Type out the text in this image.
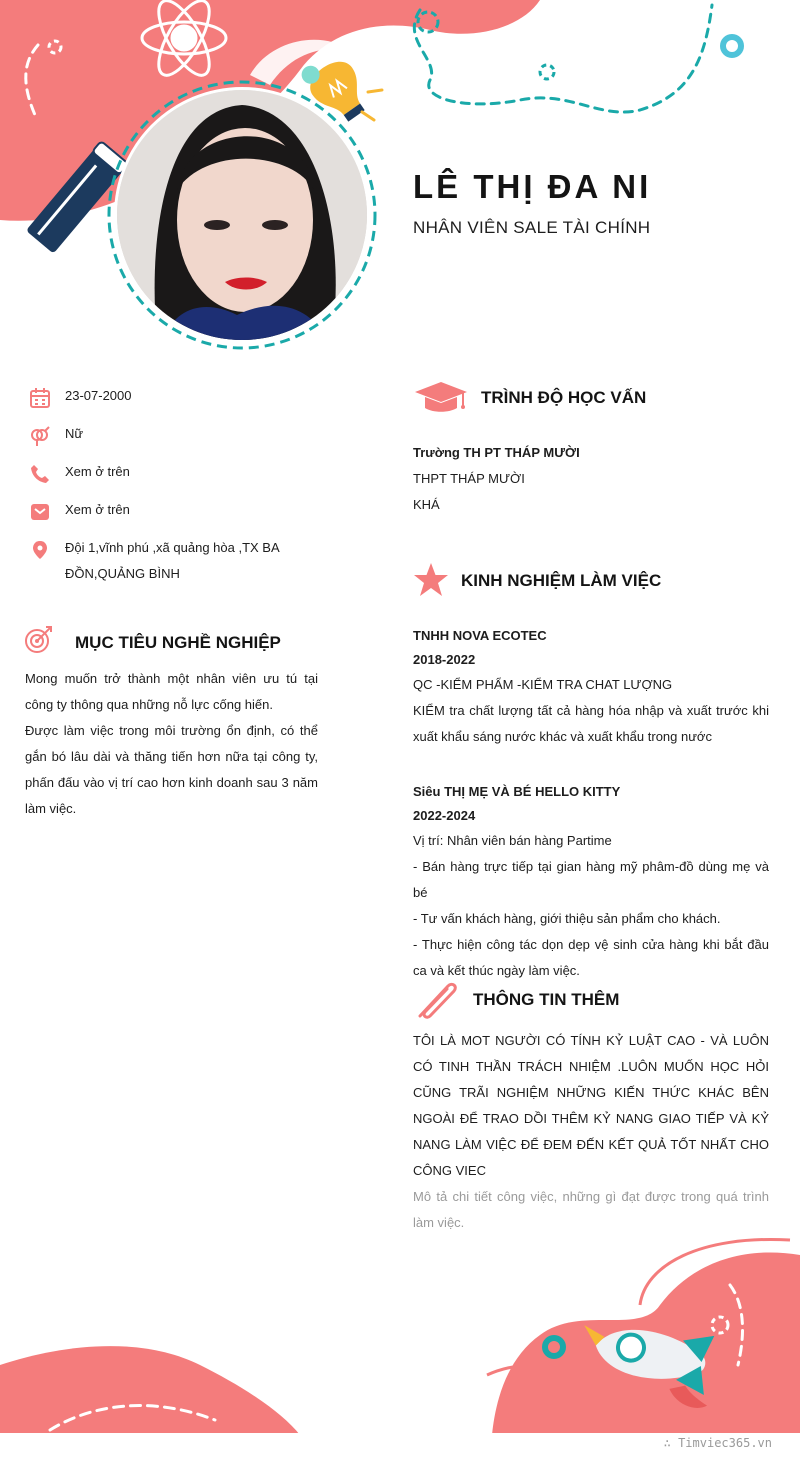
LÊ THỊ ĐA NI
NHÂN VIÊN SALE TÀI CHÍNH
23-07-2000
Nữ
Xem ở trên
Xem ở trên
Đội 1,vĩnh phú ,xã quảng hòa ,TX BA ĐỒN,QUẢNG BÌNH
MỤC TIÊU NGHỀ NGHIỆP
Mong muốn trở thành một nhân viên ưu tú tại công ty thông qua những nỗ lực cống hiến.
Được làm việc trong môi trường ổn định, có thể gắn bó lâu dài và thăng tiến hơn nữa tại công ty, phấn đấu vào vị trí cao hơn kinh doanh sau 3 năm làm việc.
TRÌNH ĐỘ HỌC VẤN
Trường TH PT THÁP MƯỜI
THPT THÁP MƯỜI
KHÁ
KINH NGHIỆM LÀM VIỆC
TNHH NOVA ECOTEC
2018-2022
QC -KIỂM PHẨM -KIỂM TRA CHAT LƯỢNG
KIỂM tra chất lượng tất cả hàng hóa nhập và xuất trước khi xuất khẩu sáng nước khác và xuất khẩu trong nước
Siêu THỊ MẸ VÀ BÉ HELLO KITTY
2022-2024
Vị trí: Nhân viên bán hàng Partime
- Bán hàng trực tiếp tại gian hàng mỹ phâm-đồ dùng mẹ và bé
- Tư vấn khách hàng, giới thiệu sản phẩm cho khách.
- Thực hiện công tác dọn dẹp vệ sinh cửa hàng khi bắt đầu ca và kết thúc ngày làm việc.
THÔNG TIN THÊM
TÔI LÀ MOT NGƯỜI CÓ TÍNH KỶ LUẬT CAO - VÀ LUÔN CÓ TINH THẦN TRÁCH NHIỆM .LUÔN MUỐN HỌC HỎI CŨNG TRÃI NGHIỆM NHỮNG KIẾN THỨC KHÁC BÊN NGOÀI ĐỂ TRAO DỒI THÊM KỶ NANG GIAO TIẾP VÀ KỶ NANG LÀM VIỆC ĐỂ ĐEM ĐẾN KẾT QUẢ TỐT NHẤT CHO CÔNG VIEC
Mô tả chi tiết công việc, những gì đạt được trong quá trình làm việc.
∴ Timviec365.vn
